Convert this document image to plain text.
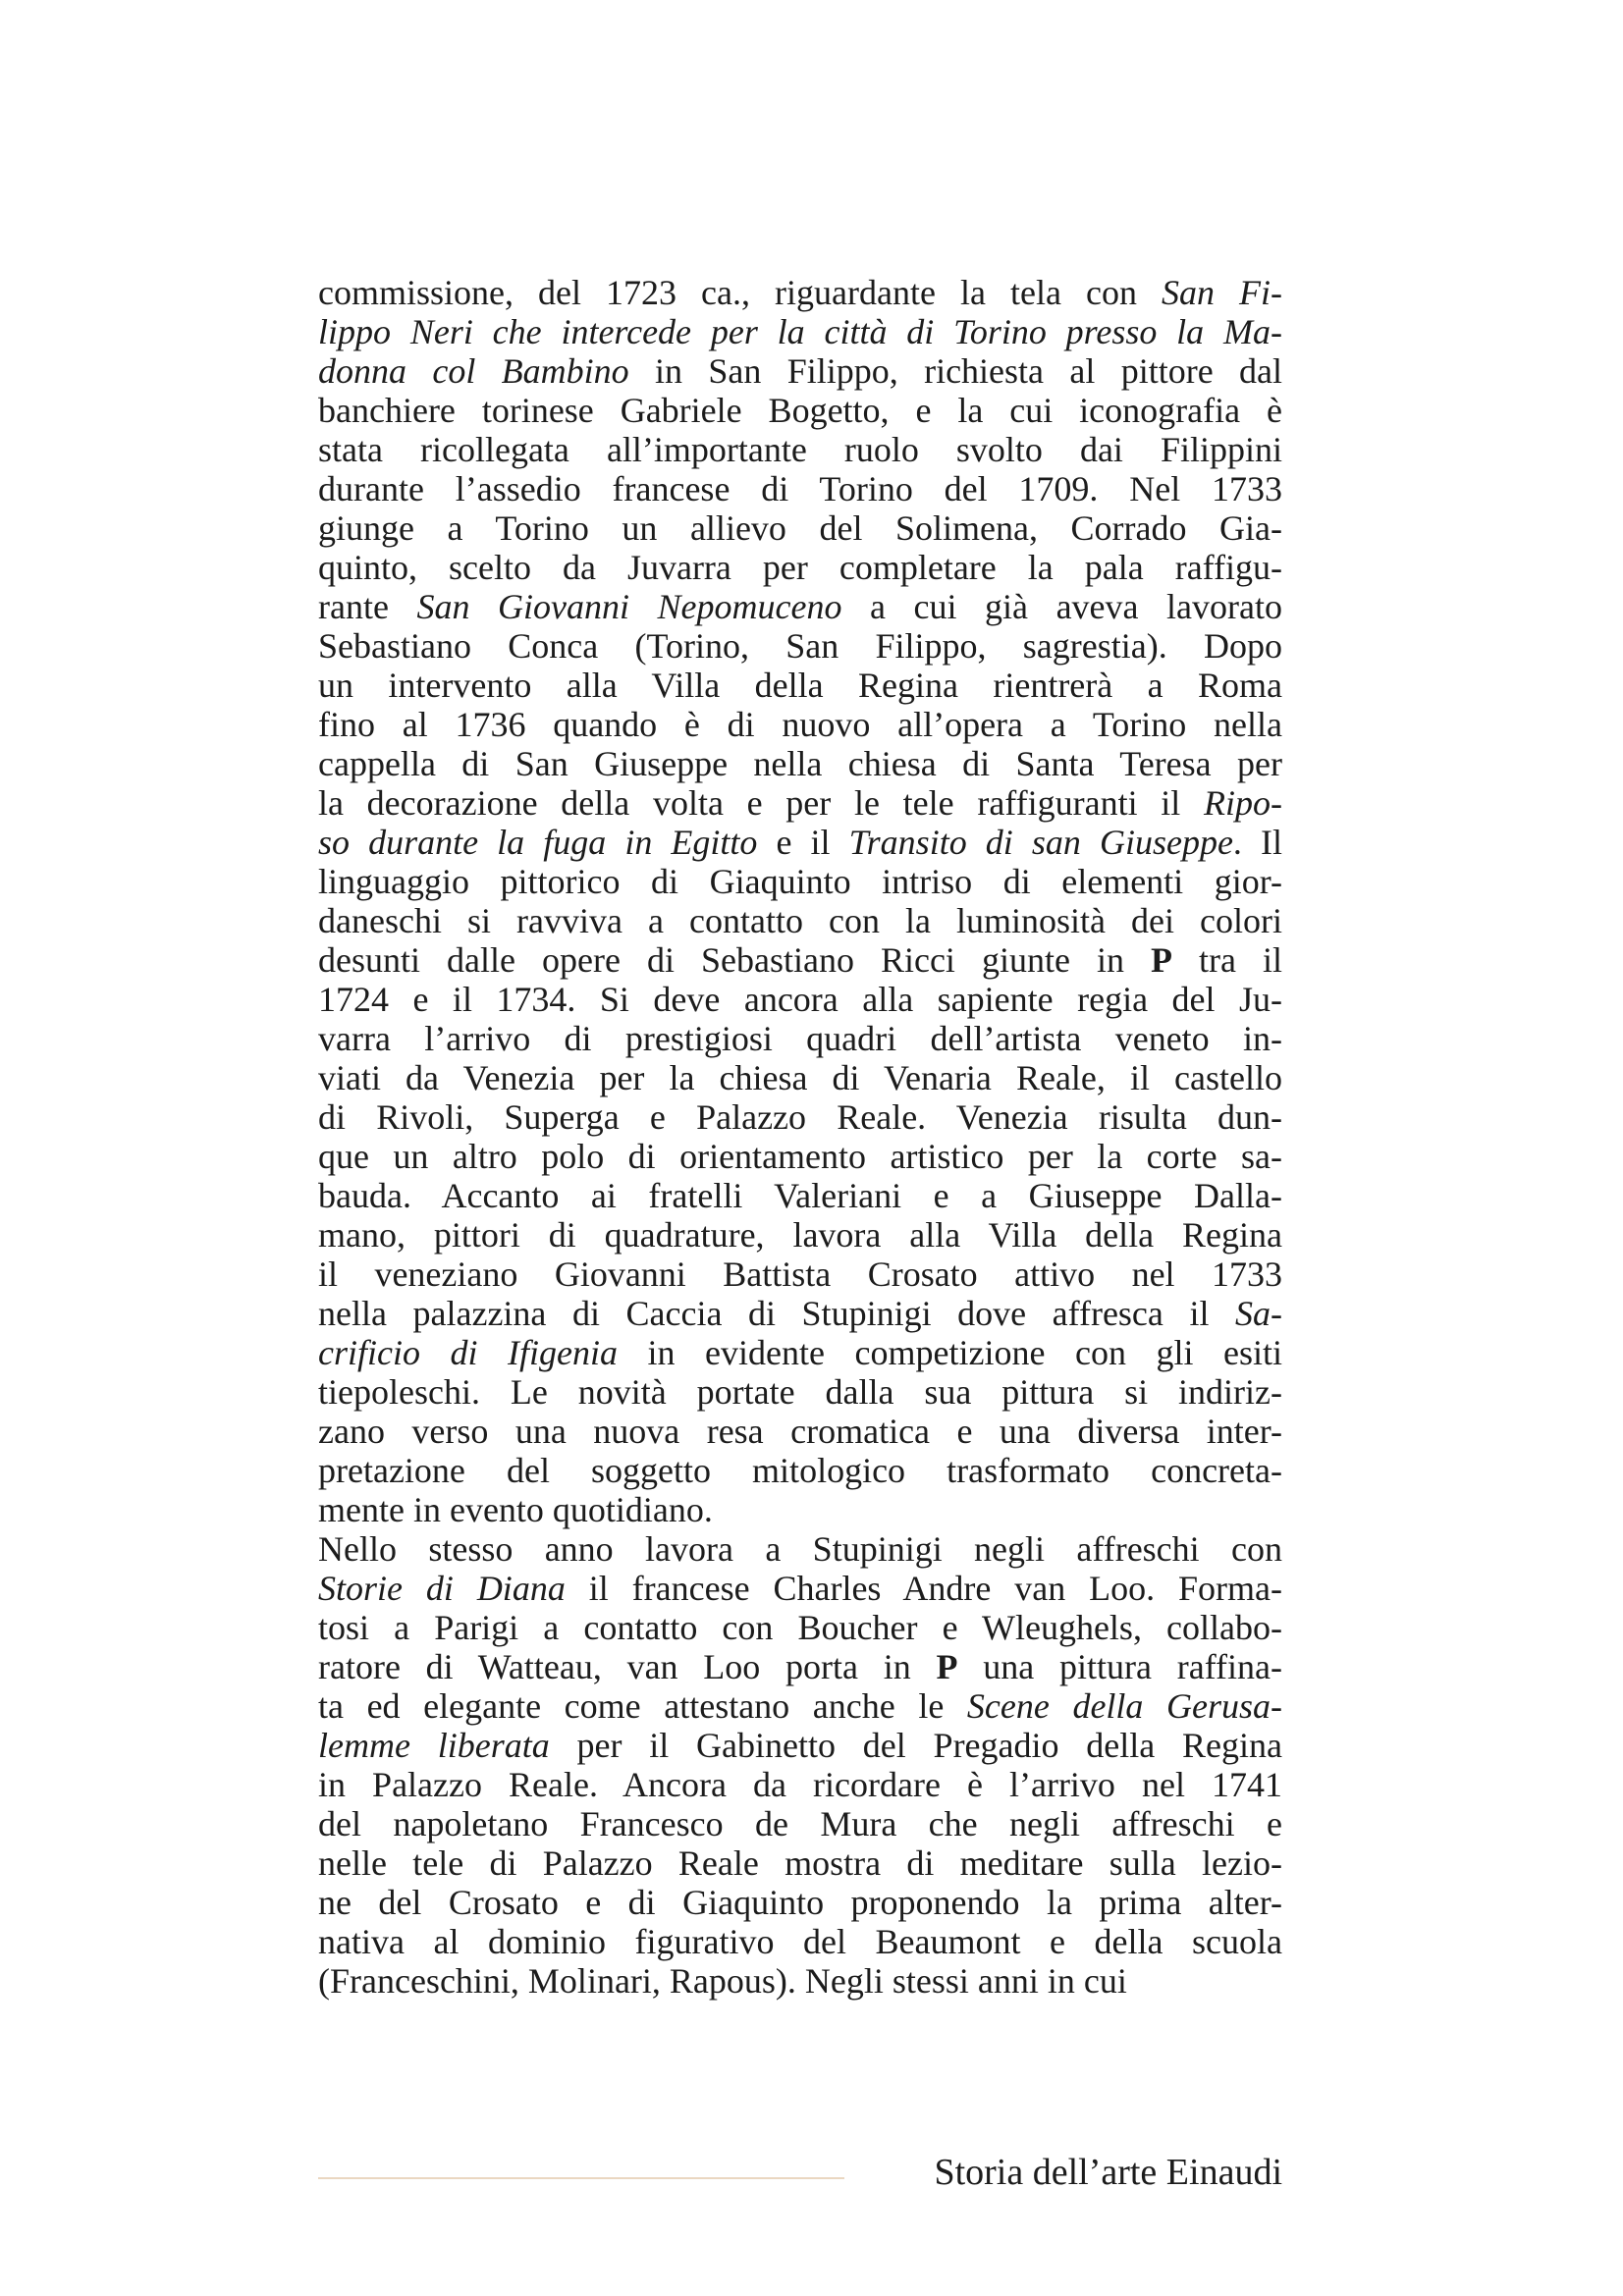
commissione, del 1723 ca., riguardante la tela con San Fi-
lippo Neri che intercede per la città di Torino presso la Ma-
donna col Bambino in San Filippo, richiesta al pittore dal
banchiere torinese Gabriele Bogetto, e la cui iconografia è
stata ricollegata all’importante ruolo svolto dai Filippini
durante l’assedio francese di Torino del 1709. Nel 1733
giunge a Torino un allievo del Solimena, Corrado Gia-
quinto, scelto da Juvarra per completare la pala raffigu-
rante San Giovanni Nepomuceno a cui già aveva lavorato
Sebastiano Conca (Torino, San Filippo, sagrestia). Dopo
un intervento alla Villa della Regina rientrerà a Roma
fino al 1736 quando è di nuovo all’opera a Torino nella
cappella di San Giuseppe nella chiesa di Santa Teresa per
la decorazione della volta e per le tele raffiguranti il Ripo-
so durante la fuga in Egitto e il Transito di san Giuseppe. Il
linguaggio pittorico di Giaquinto intriso di elementi gior-
daneschi si ravviva a contatto con la luminosità dei colori
desunti dalle opere di Sebastiano Ricci giunte in P tra il
1724 e il 1734. Si deve ancora alla sapiente regia del Ju-
varra l’arrivo di prestigiosi quadri dell’artista veneto in-
viati da Venezia per la chiesa di Venaria Reale, il castello
di Rivoli, Superga e Palazzo Reale. Venezia risulta dun-
que un altro polo di orientamento artistico per la corte sa-
bauda. Accanto ai fratelli Valeriani e a Giuseppe Dalla-
mano, pittori di quadrature, lavora alla Villa della Regina
il veneziano Giovanni Battista Crosato attivo nel 1733
nella palazzina di Caccia di Stupinigi dove affresca il Sa-
crificio di Ifigenia in evidente competizione con gli esiti
tiepoleschi. Le novità portate dalla sua pittura si indiriz-
zano verso una nuova resa cromatica e una diversa inter-
pretazione del soggetto mitologico trasformato concreta-
mente in evento quotidiano.
Nello stesso anno lavora a Stupinigi negli affreschi con
Storie di Diana il francese Charles Andre van Loo. Forma-
tosi a Parigi a contatto con Boucher e Wleughels, collabo-
ratore di Watteau, van Loo porta in P una pittura raffina-
ta ed elegante come attestano anche le Scene della Gerusa-
lemme liberata per il Gabinetto del Pregadio della Regina
in Palazzo Reale. Ancora da ricordare è l’arrivo nel 1741
del napoletano Francesco de Mura che negli affreschi e
nelle tele di Palazzo Reale mostra di meditare sulla lezio-
ne del Crosato e di Giaquinto proponendo la prima alter-
nativa al dominio figurativo del Beaumont e della scuola
(Franceschini, Molinari, Rapous). Negli stessi anni in cui
Storia dell’arte Einaudi
